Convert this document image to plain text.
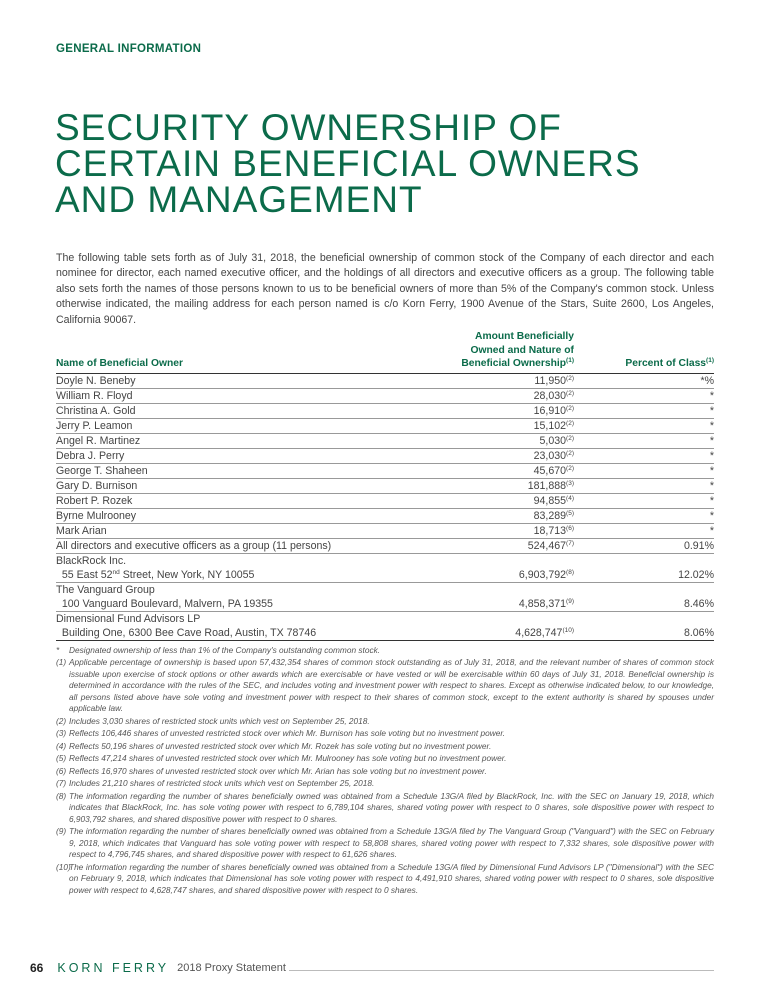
GENERAL INFORMATION
SECURITY OWNERSHIP OF
CERTAIN BENEFICIAL OWNERS
AND MANAGEMENT

The following table sets forth as of July 31, 2018, the beneficial ownership of common stock of the Company of each director and each nominee for director, each named executive officer, and the holdings of all directors and executive officers as a group. The following table also sets forth the names of those persons known to us to be beneficial owners of more than 5% of the Company's common stock. Unless otherwise indicated, the mailing address for each person named is c/o Korn Ferry, 1900 Avenue of the Stars, Suite 2600, Los Angeles, California 90067.

Name of Beneficial Owner	Amount Beneficially
Owned and Nature of
Beneficial Ownership$^{(1)}$	Percent of Class$^{(1)}$
Doyle N. Beneby	11,950$^{(2)}$	*%
William R. Floyd	28,030$^{(2)}$	*
Christina A. Gold	16,910$^{(2)}$	*
Jerry P. Leamon	15,102$^{(2)}$	*
Angel R. Martinez	5,030$^{(2)}$	*
Debra J. Perry	23,030$^{(2)}$	*
George T. Shaheen	45,670$^{(2)}$	*
Gary D. Burnison	181,888$^{(3)}$	*
Robert P. Rozek	94,855$^{(4)}$	*
Byrne Mulrooney	83,289$^{(5)}$	*
Mark Arian	18,713$^{(6)}$	*
All directors and executive officers as a group (11 persons)	524,467$^{(7)}$	0.91%
BlackRock Inc.
55 East 52nd Street, New York, NY 10055	6,903,792$^{(8)}$	12.02%
The Vanguard Group
100 Vanguard Boulevard, Malvern, PA 19355	4,858,371$^{(9)}$	8.46%
Dimensional Fund Advisors LP
Building One, 6300 Bee Cave Road, Austin, TX 78746	4,628,747$^{(10)}$	8.06%
*	Designated ownership of less than 1% of the Company's outstanding common stock.
(1) Applicable percentage of ownership is based upon 57,432,354 shares of common stock outstanding as of July 31, 2018, and the relevant number of shares of common stock issuable upon exercise of stock options or other awards which are exercisable or have vested or will be exercisable within 60 days of July 31, 2018. Beneficial ownership is determined in accordance with the rules of the SEC, and includes voting and investment power with respect to shares. Except as otherwise indicated below, to our knowledge, all persons listed above have sole voting and investment power with respect to their shares of common stock, except to the extent authority is shared by spouses under applicable law.
(2) Includes 3,030 shares of restricted stock units which vest on September 25, 2018.
(3) Reflects 106,446 shares of unvested restricted stock over which Mr. Burnison has sole voting but no investment power.
(4) Reflects 50,196 shares of unvested restricted stock over which Mr. Rozek has sole voting but no investment power.
(5) Reflects 47,214 shares of unvested restricted stock over which Mr. Mulrooney has sole voting but no investment power.
(6) Reflects 16,970 shares of unvested restricted stock over which Mr. Arian has sole voting but no investment power.
(7) Includes 21,210 shares of restricted stock units which vest on September 25, 2018.
(8) The information regarding the number of shares beneficially owned was obtained from a Schedule 13G/A filed by BlackRock, Inc. with the SEC on January 19, 2018, which indicates that BlackRock, Inc. has sole voting power with respect to 6,789,104 shares, shared voting power with respect to 0 shares, sole dispositive power with respect to 6,903,792 shares, and shared dispositive power with respect to 0 shares.
(9) The information regarding the number of shares beneficially owned was obtained from a Schedule 13G/A filed by The Vanguard Group ("Vanguard") with the SEC on February 9, 2018, which indicates that Vanguard has sole voting power with respect to 58,808 shares, shared voting power with respect to 7,332 shares, sole dispositive power with respect to 4,796,745 shares, and shared dispositive power with respect to 61,626 shares.
(10)
The information regarding the number of shares beneficially owned was obtained from a Schedule 13G/A filed by Dimensional Fund Advisors LP ("Dimensional") with the SEC on February 9, 2018, which indicates that Dimensional has sole voting power with respect to 4,491,910 shares, shared voting power with respect to 0 shares, sole dispositive power with respect to 4,628,747 shares, and shared dispositive power with respect to 0 shares.
66 KORN FERRY 2018 Proxy Statement
